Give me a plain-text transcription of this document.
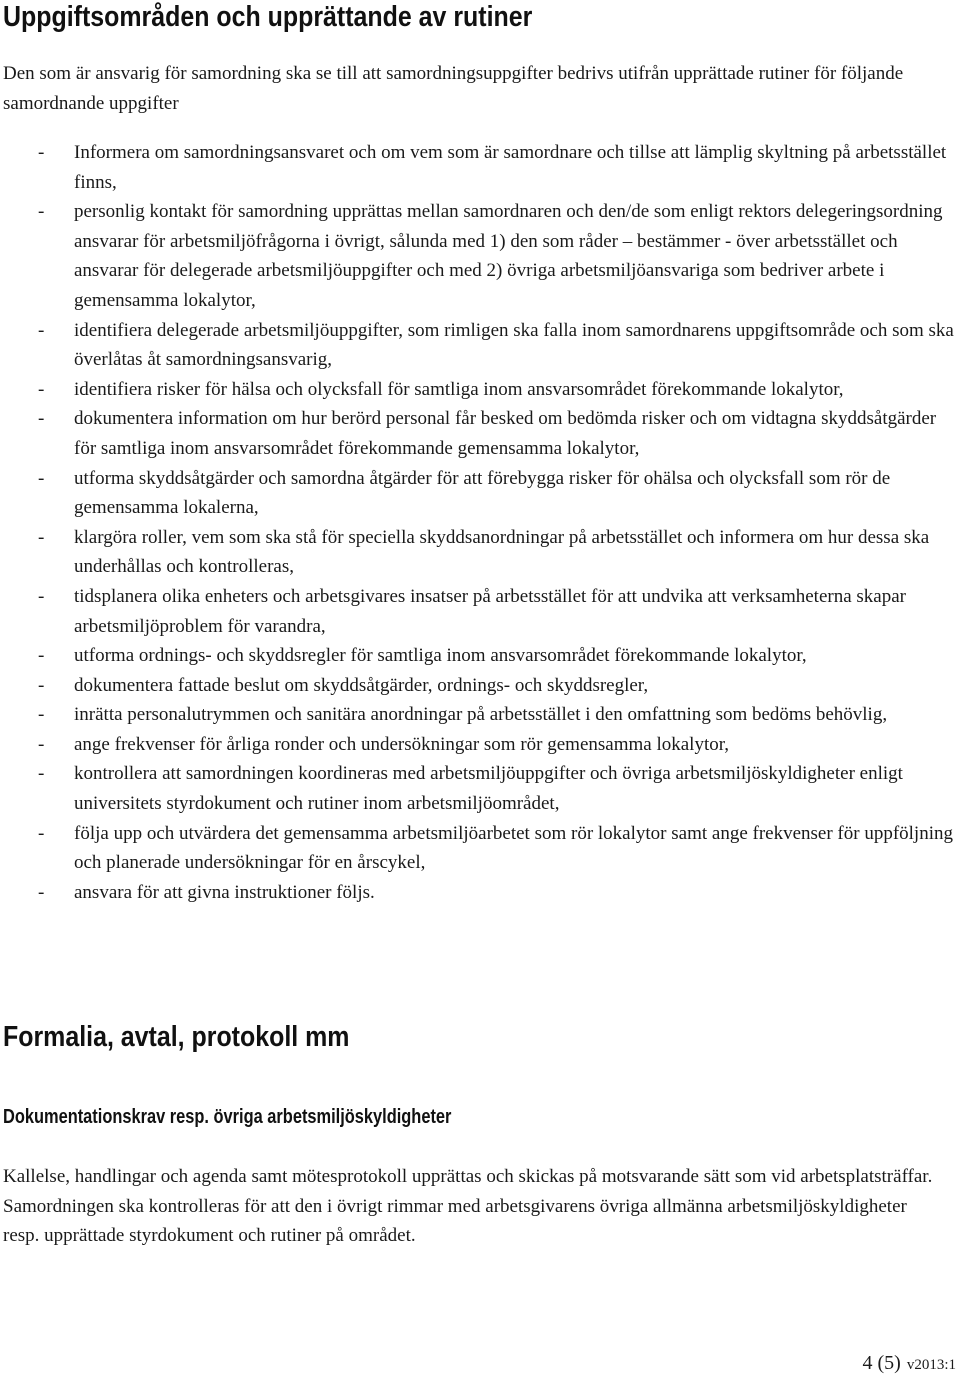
Uppgiftsområden och upprättande av rutiner

Den som är ansvarig för samordning ska se till att samordningsuppgifter bedrivs utifrån upprättade rutiner för följande samordnande uppgifter

- Informera om samordningsansvaret och om vem som är samordnare och tillse att lämplig skyltning på arbetsstället finns,
- personlig kontakt för samordning upprättas mellan samordnaren och den/de som enligt rektors delegeringsordning ansvarar för arbetsmiljöfrågorna i övrigt, sålunda med 1) den som råder – bestämmer - över arbetsstället och ansvarar för delegerade arbetsmiljöuppgifter och med 2) övriga arbetsmiljöansvariga som bedriver arbete i gemensamma lokalytor,
- identifiera delegerade arbetsmiljöuppgifter, som rimligen ska falla inom samordnarens uppgiftsområde och som ska överlåtas åt samordningsansvarig,
- identifiera risker för hälsa och olycksfall för samtliga inom ansvarsområdet förekommande lokalytor,
- dokumentera information om hur berörd personal får besked om bedömda risker och om vidtagna skyddsåtgärder för samtliga inom ansvarsområdet förekommande gemensamma lokalytor,
- utforma skyddsåtgärder och samordna åtgärder för att förebygga risker för ohälsa och olycksfall som rör de gemensamma lokalerna,
- klargöra roller, vem som ska stå för speciella skyddsanordningar på arbetsstället och informera om hur dessa ska underhållas och kontrolleras,
- tidsplanera olika enheters och arbetsgivares insatser på arbetsstället för att undvika att verksamheterna skapar arbetsmiljöproblem för varandra,
- utforma ordnings- och skyddsregler för samtliga inom ansvarsområdet förekommande lokalytor,
- dokumentera fattade beslut om skyddsåtgärder, ordnings- och skyddsregler,
- inrätta personalutrymmen och sanitära anordningar på arbetsstället i den omfattning som bedöms behövlig,
- ange frekvenser för årliga ronder och undersökningar som rör gemensamma lokalytor,
- kontrollera att samordningen koordineras med arbetsmiljöuppgifter och övriga arbetsmiljöskyldigheter enligt universitets styrdokument och rutiner inom arbetsmiljöområdet,
- följa upp och utvärdera det gemensamma arbetsmiljöarbetet som rör lokalytor samt ange frekvenser för uppföljning och planerade undersökningar för en årscykel,
- ansvara för att givna instruktioner följs.
Formalia, avtal, protokoll mm
Dokumentationskrav resp. övriga arbetsmiljöskyldigheter

Kallelse, handlingar och agenda samt mötesprotokoll upprättas och skickas på motsvarande sätt som vid arbetsplatsträffar. Samordningen ska kontrolleras för att den i övrigt rimmar med arbetsgivarens övriga allmänna arbetsmiljöskyldigheter resp. upprättade styrdokument och rutiner på området.

4 (5) v2013:1
